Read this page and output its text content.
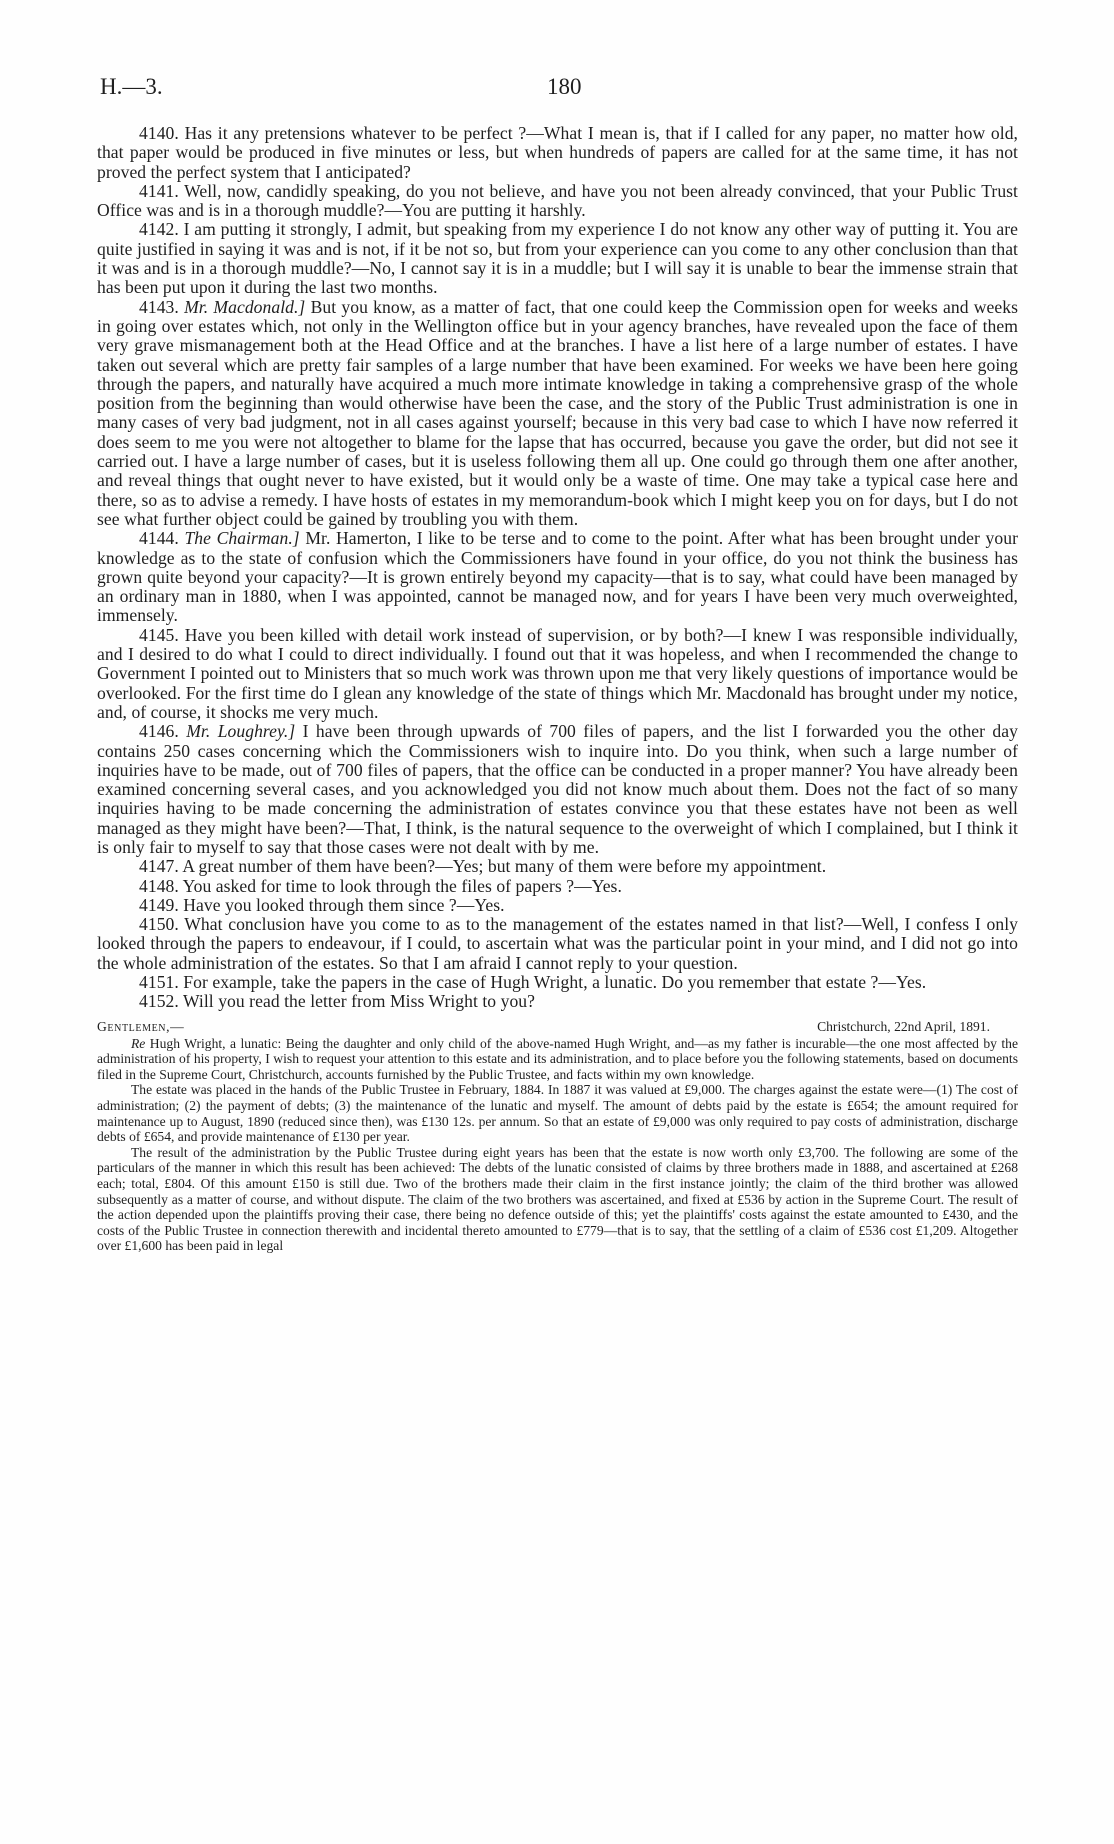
H.—3.	180

4140. Has it any pretensions whatever to be perfect ?—What I mean is, that if I called for any paper, no matter how old, that paper would be produced in five minutes or less, but when hundreds of papers are called for at the same time, it has not proved the perfect system that I anticipated?

4141. Well, now, candidly speaking, do you not believe, and have you not been already convinced, that your Public Trust Office was and is in a thorough muddle?—You are putting it harshly.

4142. I am putting it strongly, I admit, but speaking from my experience I do not know any other way of putting it. You are quite justified in saying it was and is not, if it be not so, but from your experience can you come to any other conclusion than that it was and is in a thorough muddle?—No, I cannot say it is in a muddle; but I will say it is unable to bear the immense strain that has been put upon it during the last two months.

4143. Mr. Macdonald.] But you know, as a matter of fact, that one could keep the Commission open for weeks and weeks in going over estates which, not only in the Wellington office but in your agency branches, have revealed upon the face of them very grave mismanagement both at the Head Office and at the branches. I have a list here of a large number of estates. I have taken out several which are pretty fair samples of a large number that have been examined. For weeks we have been here going through the papers, and naturally have acquired a much more intimate knowledge in taking a comprehensive grasp of the whole position from the beginning than would otherwise have been the case, and the story of the Public Trust administration is one in many cases of very bad judgment, not in all cases against yourself; because in this very bad case to which I have now referred it does seem to me you were not altogether to blame for the lapse that has occurred, because you gave the order, but did not see it carried out. I have a large number of cases, but it is useless following them all up. One could go through them one after another, and reveal things that ought never to have existed, but it would only be a waste of time. One may take a typical case here and there, so as to advise a remedy. I have hosts of estates in my memorandum-book which I might keep you on for days, but I do not see what further object could be gained by troubling you with them.

4144. The Chairman.] Mr. Hamerton, I like to be terse and to come to the point. After what has been brought under your knowledge as to the state of confusion which the Commissioners have found in your office, do you not think the business has grown quite beyond your capacity?—It is grown entirely beyond my capacity—that is to say, what could have been managed by an ordinary man in 1880, when I was appointed, cannot be managed now, and for years I have been very much overweighted, immensely.

4145. Have you been killed with detail work instead of supervision, or by both?—I knew I was responsible individually, and I desired to do what I could to direct individually. I found out that it was hopeless, and when I recommended the change to Government I pointed out to Ministers that so much work was thrown upon me that very likely questions of importance would be overlooked. For the first time do I glean any knowledge of the state of things which Mr. Macdonald has brought under my notice, and, of course, it shocks me very much.

4146. Mr. Loughrey.] I have been through upwards of 700 files of papers, and the list I forwarded you the other day contains 250 cases concerning which the Commissioners wish to inquire into. Do you think, when such a large number of inquiries have to be made, out of 700 files of papers, that the office can be conducted in a proper manner? You have already been examined concerning several cases, and you acknowledged you did not know much about them. Does not the fact of so many inquiries having to be made concerning the administration of estates convince you that these estates have not been as well managed as they might have been?—That, I think, is the natural sequence to the overweight of which I complained, but I think it is only fair to myself to say that those cases were not dealt with by me.

4147. A great number of them have been?—Yes; but many of them were before my appointment.

4148. You asked for time to look through the files of papers ?—Yes.

4149. Have you looked through them since ?—Yes.

4150. What conclusion have you come to as to the management of the estates named in that list?—Well, I confess I only looked through the papers to endeavour, if I could, to ascertain what was the particular point in your mind, and I did not go into the whole administration of the estates. So that I am afraid I cannot reply to your question.

4151. For example, take the papers in the case of Hugh Wright, a lunatic. Do you remember that estate ?—Yes.

4152. Will you read the letter from Miss Wright to you?

Gentlemen,—	Christchurch, 22nd April, 1891.

Re Hugh Wright, a lunatic: Being the daughter and only child of the above-named Hugh Wright, and—as my father is incurable—the one most affected by the administration of his property, I wish to request your attention to this estate and its administration, and to place before you the following statements, based on documents filed in the Supreme Court, Christchurch, accounts furnished by the Public Trustee, and facts within my own knowledge.

The estate was placed in the hands of the Public Trustee in February, 1884. In 1887 it was valued at £9,000. The charges against the estate were—(1) The cost of administration; (2) the payment of debts; (3) the maintenance of the lunatic and myself. The amount of debts paid by the estate is £654; the amount required for maintenance up to August, 1890 (reduced since then), was £130 12s. per annum. So that an estate of £9,000 was only required to pay costs of administration, discharge debts of £654, and provide maintenance of £130 per year.

The result of the administration by the Public Trustee during eight years has been that the estate is now worth only £3,700. The following are some of the particulars of the manner in which this result has been achieved: The debts of the lunatic consisted of claims by three brothers made in 1888, and ascertained at £268 each; total, £804. Of this amount £150 is still due. Two of the brothers made their claim in the first instance jointly; the claim of the third brother was allowed subsequently as a matter of course, and without dispute. The claim of the two brothers was ascertained, and fixed at £536 by action in the Supreme Court. The result of the action depended upon the plaintiffs proving their case, there being no defence outside of this; yet the plaintiffs' costs against the estate amounted to £430, and the costs of the Public Trustee in connection therewith and incidental thereto amounted to £779—that is to say, that the settling of a claim of £536 cost £1,209. Altogether over £1,600 has been paid in legal
